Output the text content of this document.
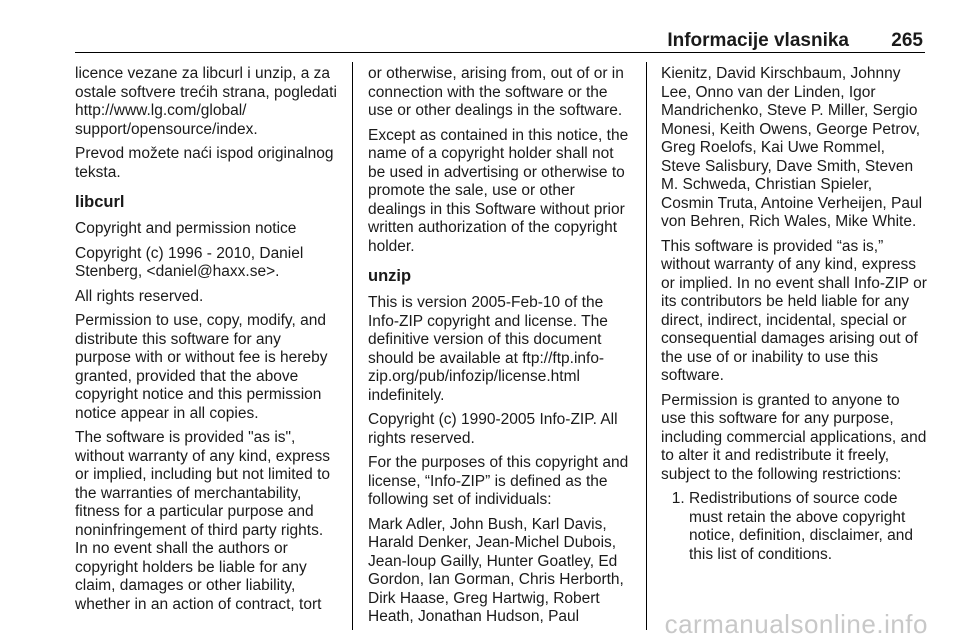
Informacije vlasnika 265

licence vezane za libcurl i unzip, a za ostale softvere trećih strana, pogledati http://www.lg.com/global/ support/opensource/index.

Prevod možete naći ispod originalnog teksta.

libcurl

Copyright and permission notice

Copyright (c) 1996 - 2010, Daniel Stenberg, <daniel@haxx.se>.

All rights reserved.

Permission to use, copy, modify, and distribute this software for any purpose with or without fee is hereby granted, provided that the above copyright notice and this permission notice appear in all copies.

The software is provided "as is", without warranty of any kind, express or implied, including but not limited to the warranties of merchantability, fitness for a particular purpose and noninfringement of third party rights. In no event shall the authors or copyright holders be liable for any claim, damages or other liability, whether in an action of contract, tort

or otherwise, arising from, out of or in connection with the software or the use or other dealings in the software.

Except as contained in this notice, the name of a copyright holder shall not be used in advertising or otherwise to promote the sale, use or other dealings in this Software without prior written authorization of the copyright holder.

unzip

This is version 2005-Feb-10 of the Info-ZIP copyright and license. The definitive version of this document should be available at ftp://ftp.info-zip.org/pub/infozip/license.html indefinitely.

Copyright (c) 1990-2005 Info-ZIP. All rights reserved.

For the purposes of this copyright and license, “Info-ZIP” is defined as the following set of individuals:

Mark Adler, John Bush, Karl Davis, Harald Denker, Jean-Michel Dubois, Jean-loup Gailly, Hunter Goatley, Ed Gordon, Ian Gorman, Chris Herborth, Dirk Haase, Greg Hartwig, Robert Heath, Jonathan Hudson, Paul

Kienitz, David Kirschbaum, Johnny Lee, Onno van der Linden, Igor Mandrichenko, Steve P. Miller, Sergio Monesi, Keith Owens, George Petrov, Greg Roelofs, Kai Uwe Rommel, Steve Salisbury, Dave Smith, Steven M. Schweda, Christian Spieler, Cosmin Truta, Antoine Verheijen, Paul von Behren, Rich Wales, Mike White.

This software is provided “as is,” without warranty of any kind, express or implied. In no event shall Info-ZIP or its contributors be held liable for any direct, indirect, incidental, special or consequential damages arising out of the use of or inability to use this software.

Permission is granted to anyone to use this software for any purpose, including commercial applications, and to alter it and redistribute it freely, subject to the following restrictions:

1. Redistributions of source code must retain the above copyright notice, definition, disclaimer, and this list of conditions.
carmanualsonline.info
